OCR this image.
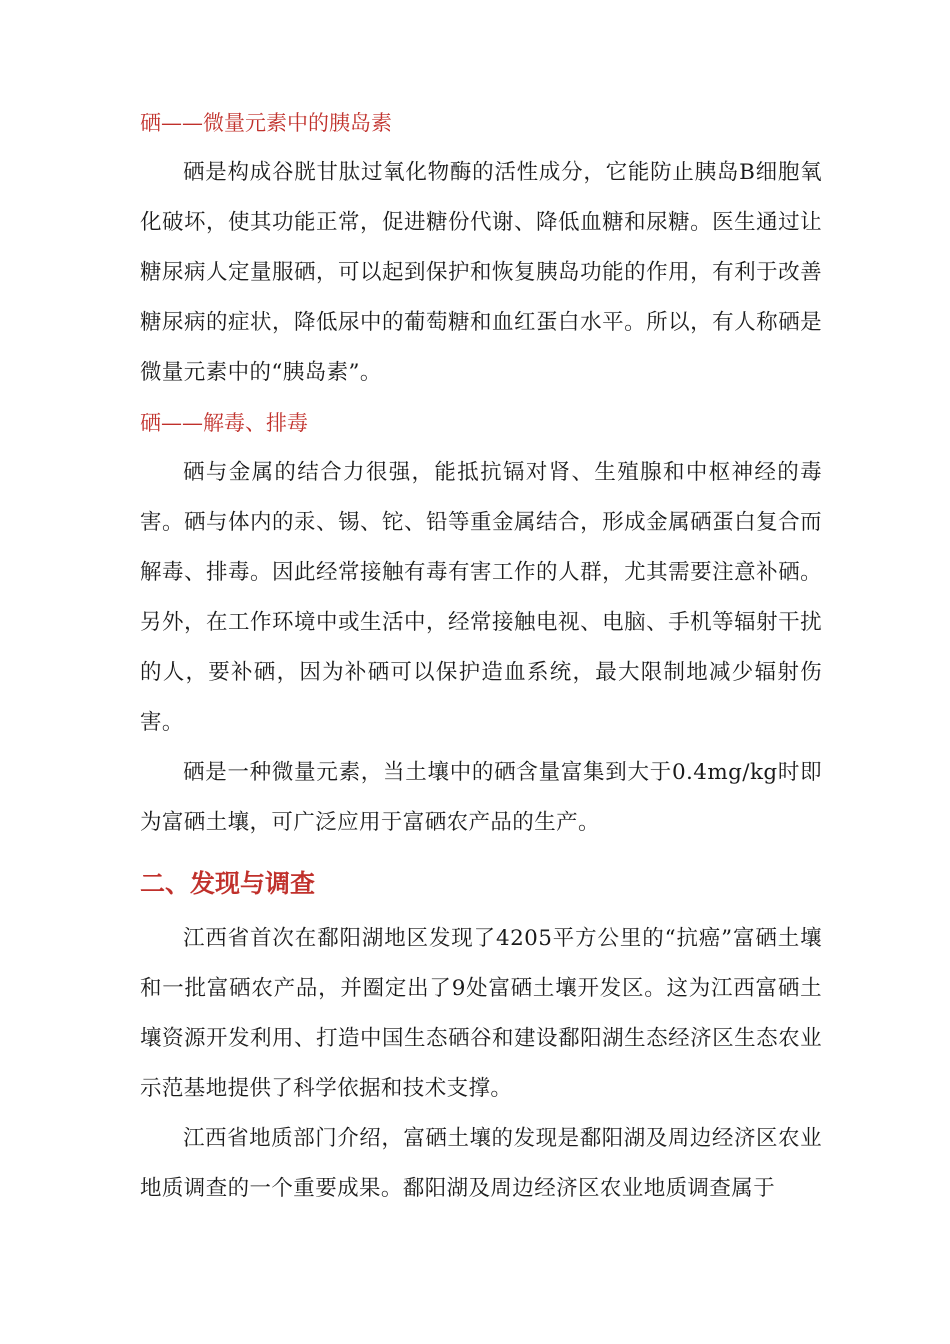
硒——微量元素中的胰岛素

硒是构成谷胱甘肽过氧化物酶的活性成分，它能防止胰岛B细胞氧化破坏，使其功能正常，促进糖份代谢、降低血糖和尿糖。医生通过让糖尿病人定量服硒，可以起到保护和恢复胰岛功能的作用，有利于改善糖尿病的症状，降低尿中的葡萄糖和血红蛋白水平。所以，有人称硒是微量元素中的“胰岛素”。

硒——解毒、排毒

硒与金属的结合力很强，能抵抗镉对肾、生殖腺和中枢神经的毒害。硒与体内的汞、锡、铊、铅等重金属结合，形成金属硒蛋白复合而解毒、排毒。因此经常接触有毒有害工作的人群，尤其需要注意补硒。另外，在工作环境中或生活中，经常接触电视、电脑、手机等辐射干扰的人，要补硒，因为补硒可以保护造血系统，最大限制地减少辐射伤害。

硒是一种微量元素，当土壤中的硒含量富集到大于0.4mg/kg时即为富硒土壤，可广泛应用于富硒农产品的生产。

二、发现与调查

江西省首次在鄱阳湖地区发现了4205平方公里的“抗癌”富硒土壤和一批富硒农产品，并圈定出了9处富硒土壤开发区。这为江西富硒土壤资源开发利用、打造中国生态硒谷和建设鄱阳湖生态经济区生态农业示范基地提供了科学依据和技术支撑。

江西省地质部门介绍，富硒土壤的发现是鄱阳湖及周边经济区农业地质调查的一个重要成果。鄱阳湖及周边经济区农业地质调查属于
